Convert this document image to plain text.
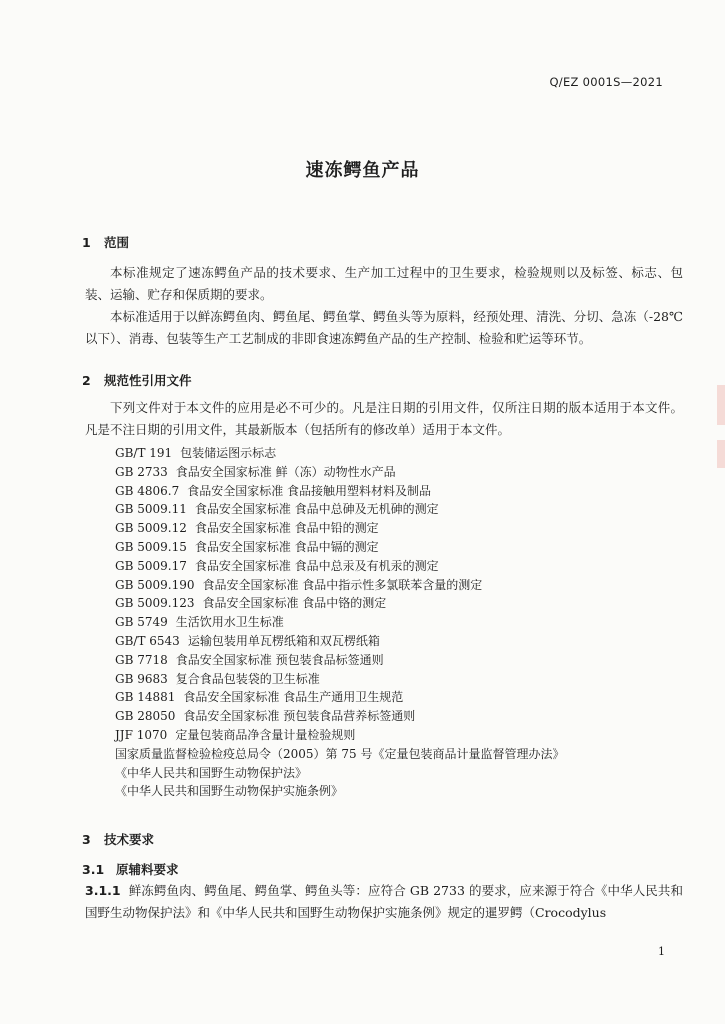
Q/EZ 0001S—2021
速冻鳄鱼产品
1 范围
本标准规定了速冻鳄鱼产品的技术要求、生产加工过程中的卫生要求，检验规则以及标签、标志、包装、运输、贮存和保质期的要求。
本标准适用于以鲜冻鳄鱼肉、鳄鱼尾、鳄鱼掌、鳄鱼头等为原料，经预处理、清洗、分切、急冻（-28℃以下）、消毒、包装等生产工艺制成的非即食速冻鳄鱼产品的生产控制、检验和贮运等环节。
2 规范性引用文件
下列文件对于本文件的应用是必不可少的。凡是注日期的引用文件，仅所注日期的版本适用于本文件。凡是不注日期的引用文件，其最新版本（包括所有的修改单）适用于本文件。
GB/T 191 包装储运图示标志
GB 2733 食品安全国家标准 鲜（冻）动物性水产品
GB 4806.7 食品安全国家标准 食品接触用塑料材料及制品
GB 5009.11 食品安全国家标准 食品中总砷及无机砷的测定
GB 5009.12 食品安全国家标准 食品中铅的测定
GB 5009.15 食品安全国家标准 食品中镉的测定
GB 5009.17 食品安全国家标准 食品中总汞及有机汞的测定
GB 5009.190 食品安全国家标准 食品中指示性多氯联苯含量的测定
GB 5009.123 食品安全国家标准 食品中铬的测定
GB 5749 生活饮用水卫生标准
GB/T 6543 运输包装用单瓦楞纸箱和双瓦楞纸箱
GB 7718 食品安全国家标准 预包装食品标签通则
GB 9683 复合食品包装袋的卫生标准
GB 14881 食品安全国家标准 食品生产通用卫生规范
GB 28050 食品安全国家标准 预包装食品营养标签通则
JJF 1070 定量包装商品净含量计量检验规则
国家质量监督检验检疫总局令（2005）第 75 号《定量包装商品计量监督管理办法》
《中华人民共和国野生动物保护法》
《中华人民共和国野生动物保护实施条例》
3 技术要求
3.1 原辅料要求
3.1.1 鲜冻鳄鱼肉、鳄鱼尾、鳄鱼掌、鳄鱼头等：应符合 GB 2733 的要求，应来源于符合《中华人民共和国野生动物保护法》和《中华人民共和国野生动物保护实施条例》规定的暹罗鳄（Crocodylus
1
